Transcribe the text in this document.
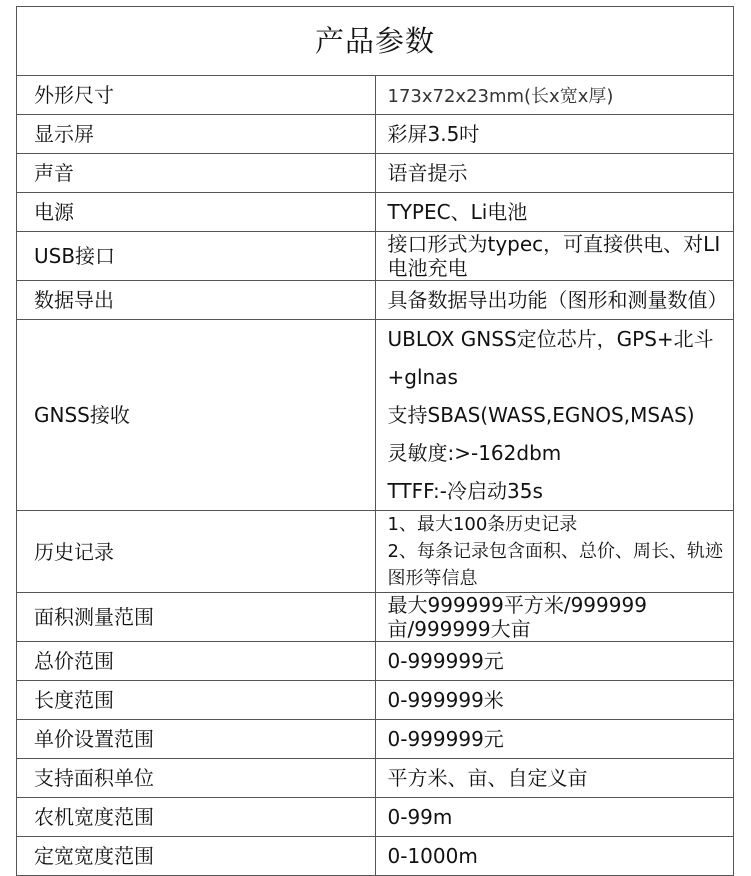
产品参数	
外形尺寸	173x72x23mm(长x宽x厚)
显示屏	彩屏3.5吋
声音	语音提示
电源	TYPEC、Li电池
USB接口	接口形式为typec，可直接供电、对LI电池充电
数据导出	具备数据导出功能（图形和测量数值）
GNSS接收	UBLOX GNSS定位芯片，GPS+北斗+glnas
支持SBAS(WASS,EGNOS,MSAS)
灵敏度:>-162dbm
TTFF:-冷启动35s

历史记录	1、最大100条历史记录
2、每条记录包含面积、总价、周长、轨迹图形等信息

面积测量范围	最大999999平方米/999999亩/999999大亩
总价范围	0-999999元
长度范围	0-999999米
单价设置范围	0-999999元
支持面积单位	平方米、亩、自定义亩
农机宽度范围	0-99m
定宽宽度范围	0-1000m
